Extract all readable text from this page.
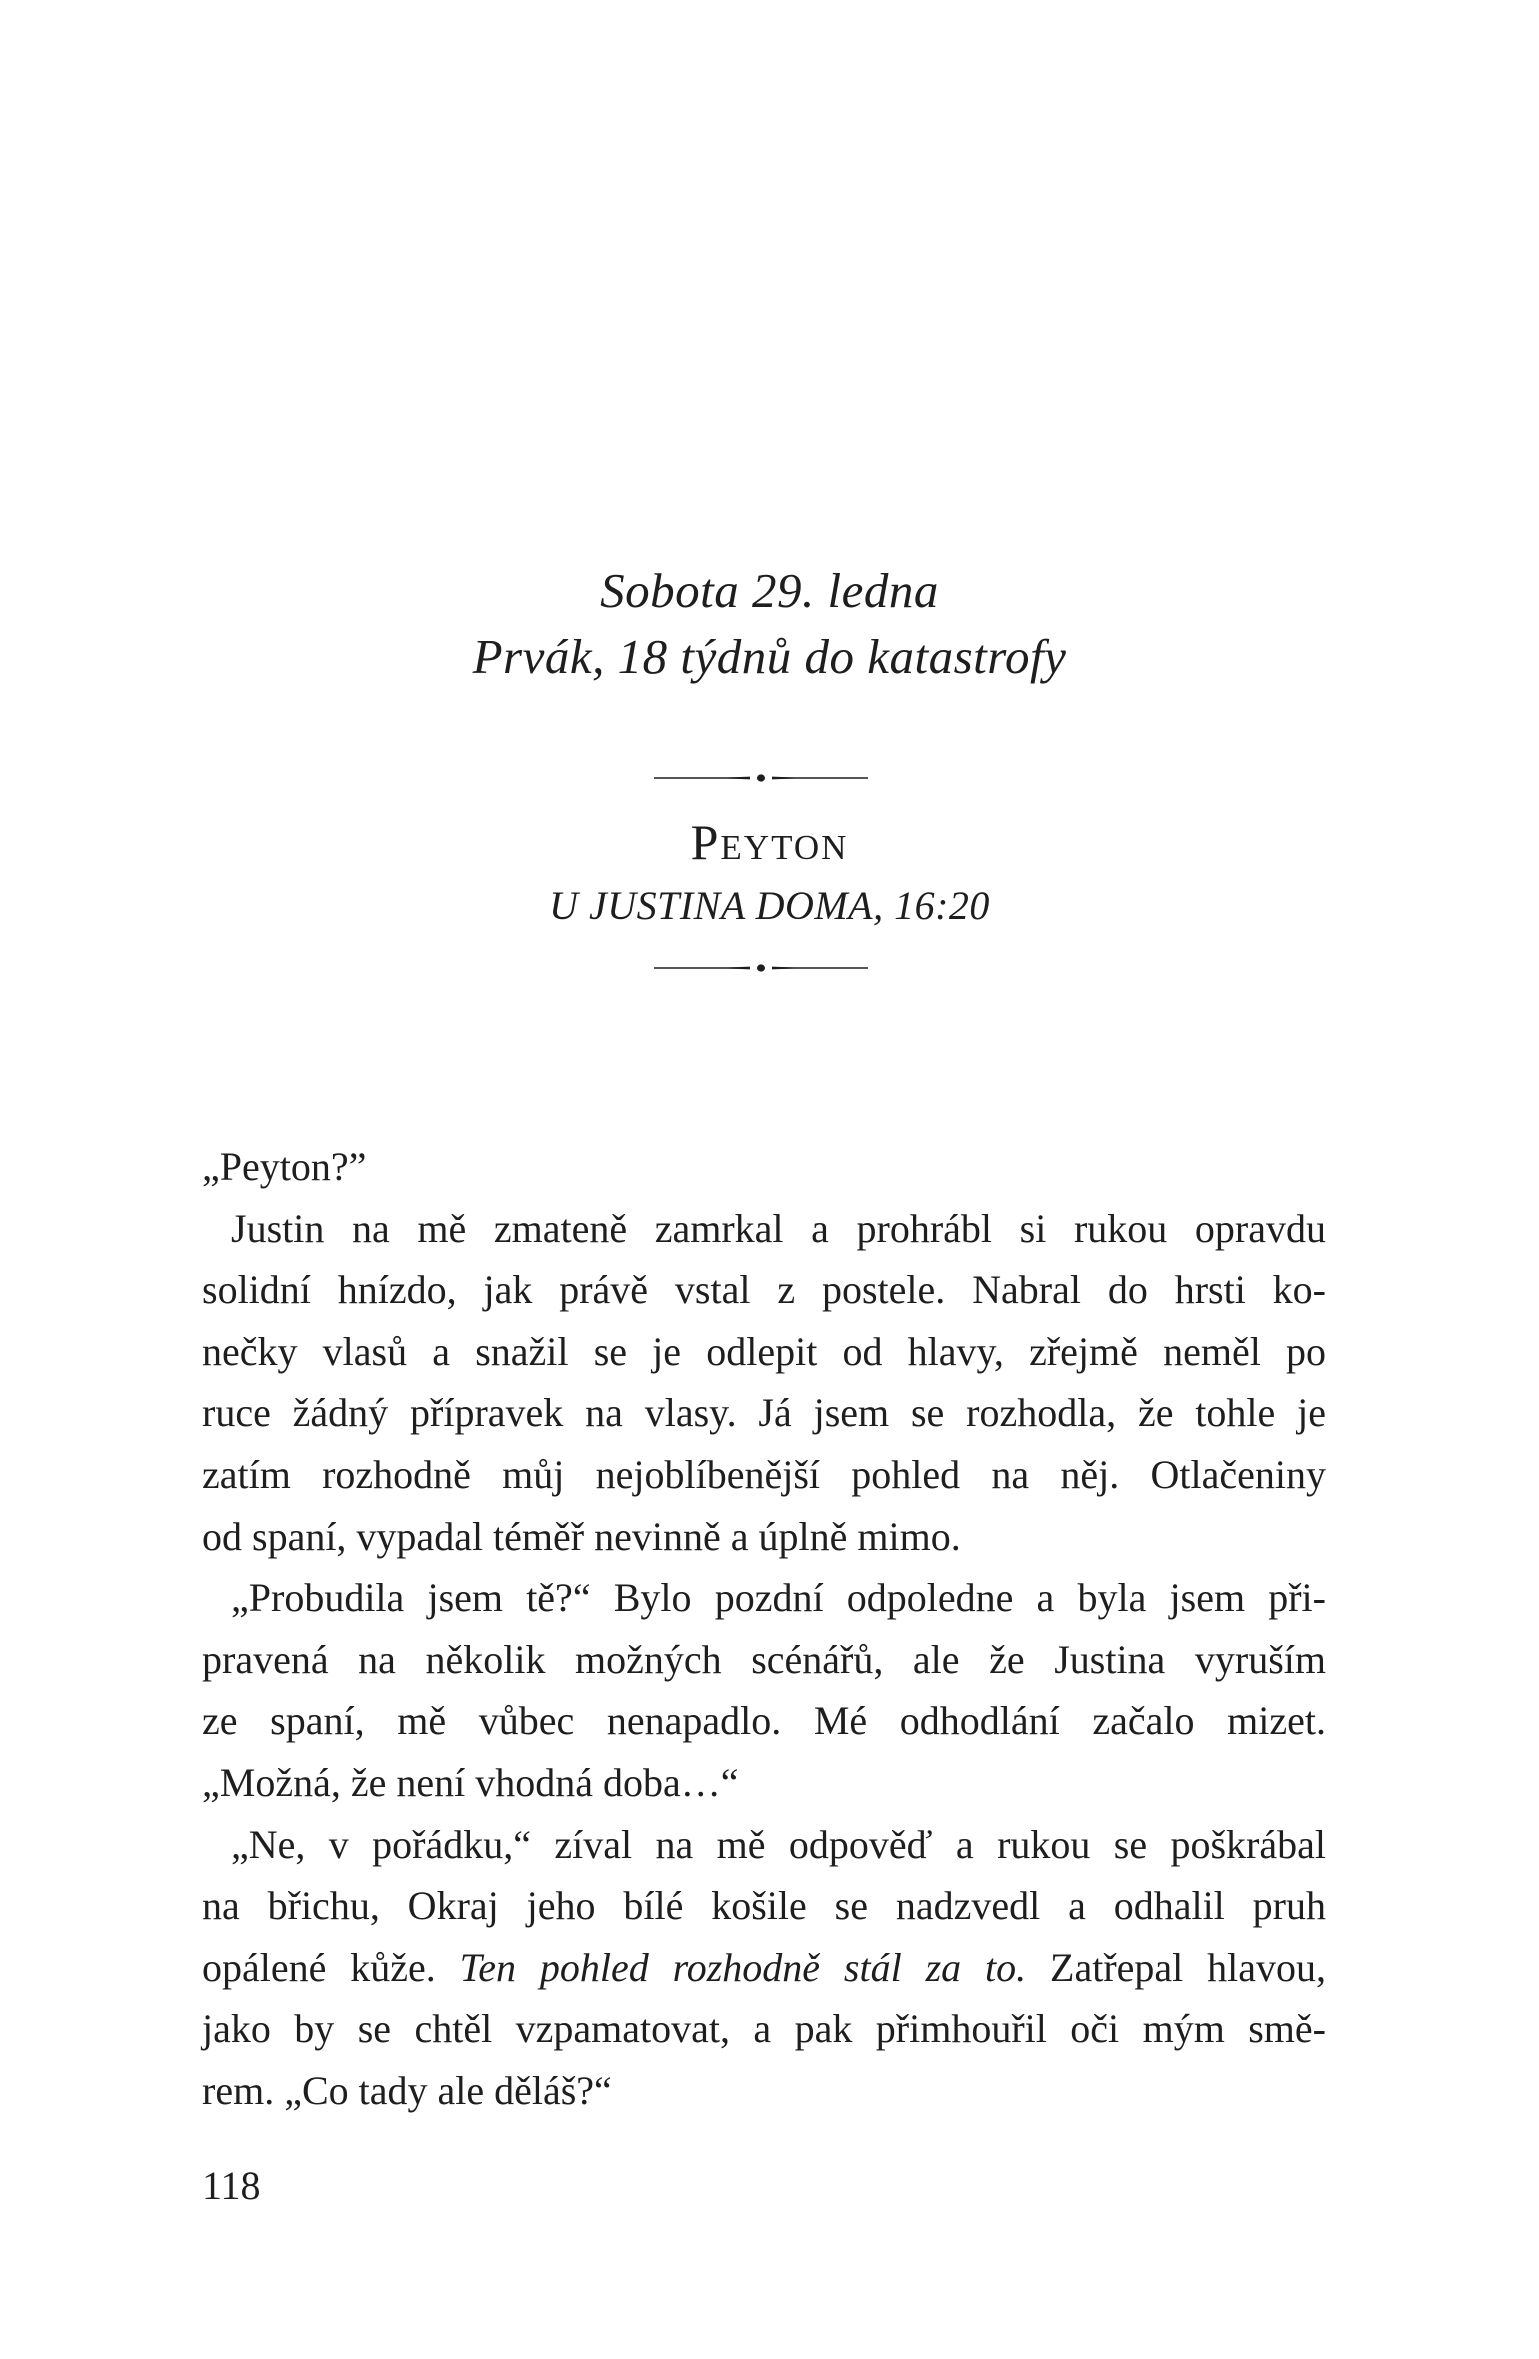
Sobota 29. ledna
Prvák, 18 týdnů do katastrofy
Peyton
U JUSTINA DOMA, 16:20
„Peyton?”
Justin na mě zmateně zamrkal a prohrábl si rukou opravdu
solidní hnízdo, jak právě vstal z postele. Nabral do hrsti ko-
nečky vlasů a snažil se je odlepit od hlavy, zřejmě neměl po
ruce žádný přípravek na vlasy. Já jsem se rozhodla, že tohle je
zatím rozhodně můj nejoblíbenější pohled na něj. Otlačeniny
od spaní, vypadal téměř nevinně a úplně mimo.
„Probudila jsem tě?“ Bylo pozdní odpoledne a byla jsem při-
pravená na několik možných scénářů, ale že Justina vyruším
ze spaní, mě vůbec nenapadlo. Mé odhodlání začalo mizet.
„Možná, že není vhodná doba…“
„Ne, v pořádku,“ zíval na mě odpověď a rukou se poškrábal
na břichu, Okraj jeho bílé košile se nadzvedl a odhalil pruh
opálené kůže. Ten pohled rozhodně stál za to. Zatřepal hlavou,
jako by se chtěl vzpamatovat, a pak přimhouřil oči mým smě-
rem. „Co tady ale děláš?“
118
